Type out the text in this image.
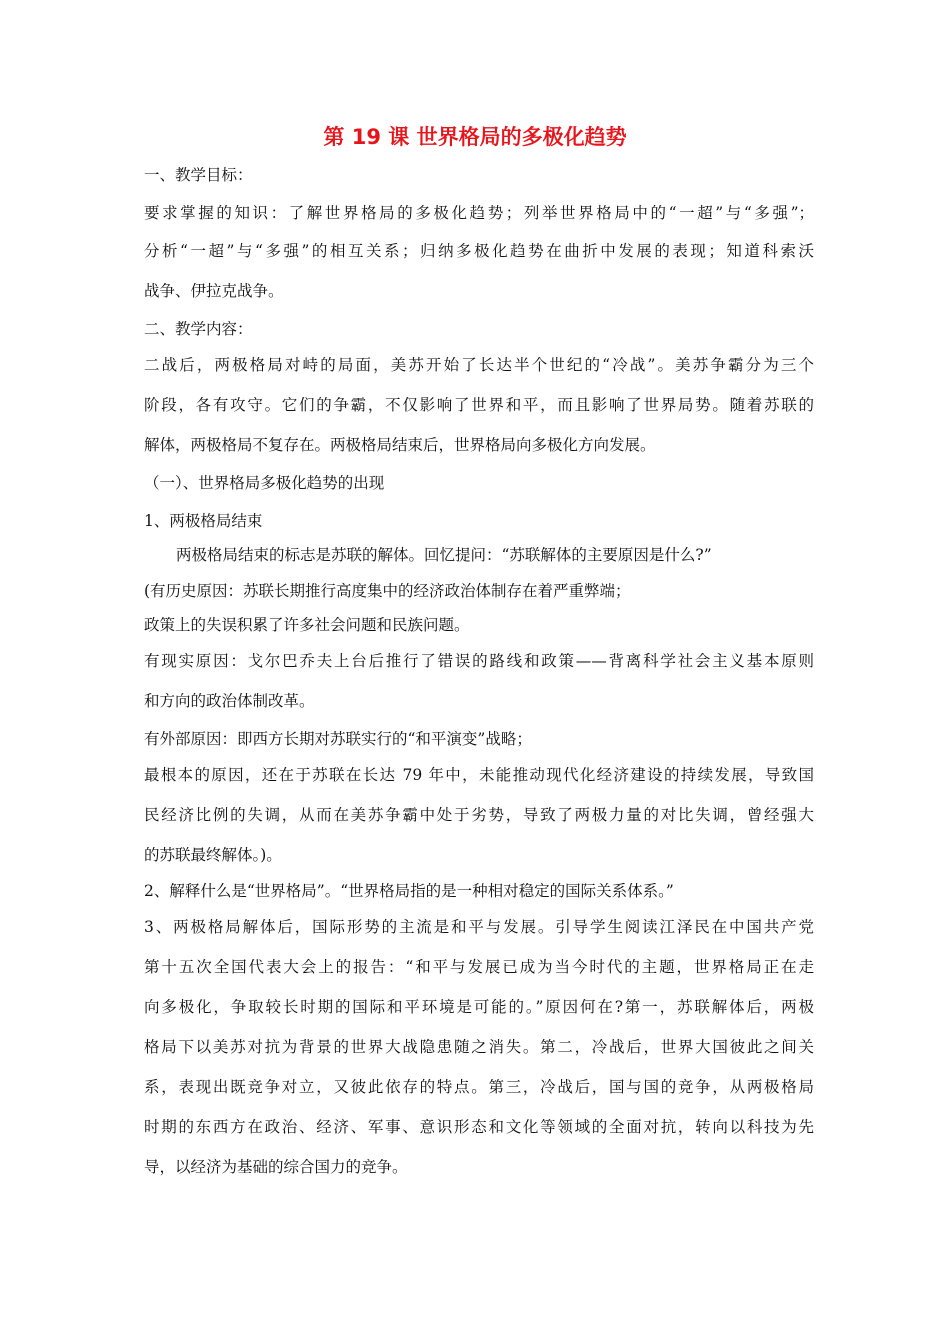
第 19 课 世界格局的多极化趋势

一、教学目标：

要求掌握的知识：了解世界格局的多极化趋势；列举世界格局中的“一超”与“多强”；

分析“一超”与“多强”的相互关系；归纳多极化趋势在曲折中发展的表现；知道科索沃

战争、伊拉克战争。

二、教学内容：

二战后，两极格局对峙的局面，美苏开始了长达半个世纪的“冷战”。美苏争霸分为三个

阶段，各有攻守。它们的争霸，不仅影响了世界和平，而且影响了世界局势。随着苏联的

解体，两极格局不复存在。两极格局结束后，世界格局向多极化方向发展。

（一）、世界格局多极化趋势的出现

1、两极格局结束

两极格局结束的标志是苏联的解体。回忆提问：“苏联解体的主要原因是什么?”

(有历史原因：苏联长期推行高度集中的经济政治体制存在着严重弊端；

政策上的失误积累了许多社会问题和民族问题。

有现实原因：戈尔巴乔夫上台后推行了错误的路线和政策——背离科学社会主义基本原则

和方向的政治体制改革。

有外部原因：即西方长期对苏联实行的“和平演变”战略；

最根本的原因，还在于苏联在长达 79 年中，未能推动现代化经济建设的持续发展，导致国

民经济比例的失调，从而在美苏争霸中处于劣势，导致了两极力量的对比失调，曾经强大

的苏联最终解体。)。

2、解释什么是“世界格局”。“世界格局指的是一种相对稳定的国际关系体系。”

3、两极格局解体后，国际形势的主流是和平与发展。引导学生阅读江泽民在中国共产党

第十五次全国代表大会上的报告：“和平与发展已成为当今时代的主题，世界格局正在走

向多极化，争取较长时期的国际和平环境是可能的。”原因何在?第一，苏联解体后，两极

格局下以美苏对抗为背景的世界大战隐患随之消失。第二，冷战后，世界大国彼此之间关

系，表现出既竞争对立，又彼此依存的特点。第三，冷战后，国与国的竞争，从两极格局

时期的东西方在政治、经济、军事、意识形态和文化等领域的全面对抗，转向以科技为先

导，以经济为基础的综合国力的竞争。
